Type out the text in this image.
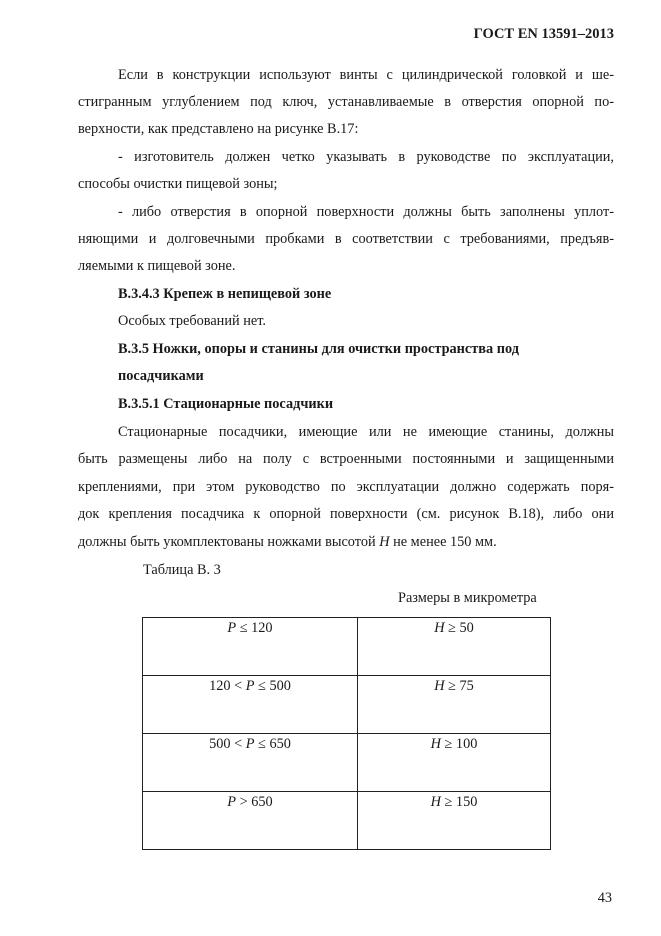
ГОСТ EN 13591–2013
Если в конструкции используют винты с цилиндрической головкой и ше-
стигранным углублением под ключ, устанавливаемые в отверстия опорной по-
верхности, как представлено на рисунке В.17:
- изготовитель должен четко указывать в руководстве по эксплуатации,
способы очистки пищевой зоны;
- либо отверстия в опорной поверхности должны быть заполнены уплот-
няющими и долговечными пробками в соответствии с требованиями, предъяв-
ляемыми к пищевой зоне.
В.3.4.3 Крепеж в непищевой зоне
Особых требований нет.
В.3.5 Ножки, опоры и станины для очистки пространства под
посадчиками
В.3.5.1 Стационарные посадчики
Стационарные посадчики, имеющие или не имеющие станины, должны
быть размещены либо на полу с встроенными постоянными и защищенными
креплениями, при этом руководство по эксплуатации должно содержать поря-
док крепления посадчика к опорной поверхности (см. рисунок В.18), либо они
должны быть укомплектованы ножками высотой H не менее 150 мм.
Таблица В. 3
Размеры в микрометра
P ≤ 120	H ≥ 50
120 < P ≤ 500	H ≥ 75
500 < P ≤ 650	H ≥ 100
P > 650	H ≥ 150
43
